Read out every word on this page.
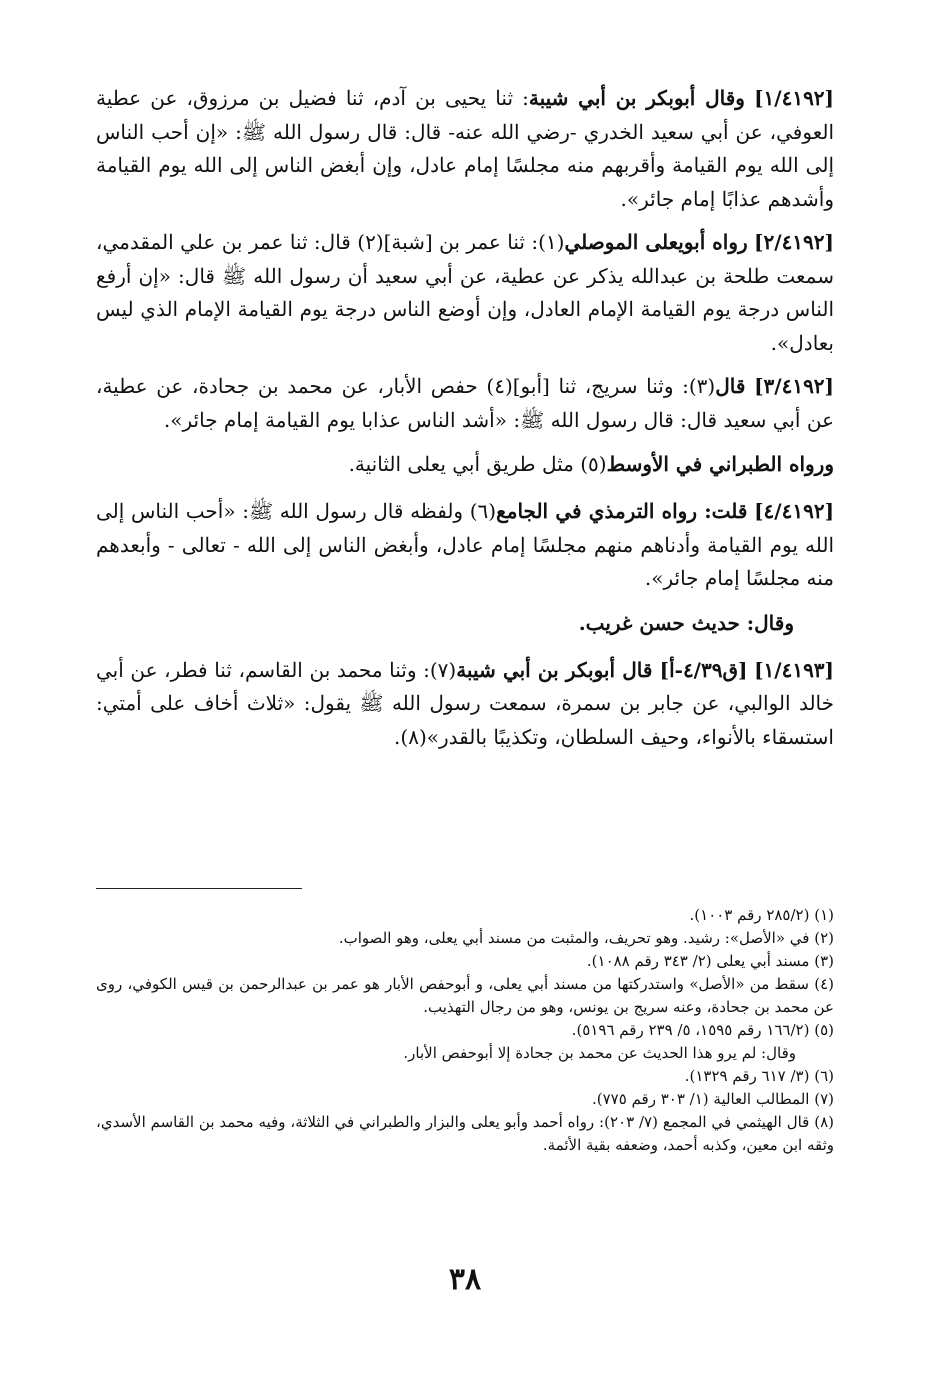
[١/٤١٩٢] وقال أبوبكر بن أبي شيبة: ثنا يحيى بن آدم، ثنا فضيل بن مرزوق، عن عطية العوفي، عن أبي سعيد الخدري -رضي الله عنه- قال: قال رسول الله ﷺ: «إن أحب الناس إلى الله يوم القيامة وأقربهم منه مجلسًا إمام عادل، وإن أبغض الناس إلى الله يوم القيامة وأشدهم عذابًا إمام جائر».

[٢/٤١٩٢] رواه أبويعلى الموصلي(١): ثنا عمر بن [شبة](٢) قال: ثنا عمر بن علي المقدمي، سمعت طلحة بن عبدالله يذكر عن عطية، عن أبي سعيد أن رسول الله ﷺ قال: «إن أرفع الناس درجة يوم القيامة الإمام العادل، وإن أوضع الناس درجة يوم القيامة الإمام الذي ليس بعادل».

[٣/٤١٩٢] قال(٣): وثنا سريج، ثنا [أبو](٤) حفص الأبار، عن محمد بن جحادة، عن عطية، عن أبي سعيد قال: قال رسول الله ﷺ: «أشد الناس عذابا يوم القيامة إمام جائر».

ورواه الطبراني في الأوسط(٥) مثل طريق أبي يعلى الثانية.

[٤/٤١٩٢] قلت: رواه الترمذي في الجامع(٦) ولفظه قال رسول الله ﷺ: «أحب الناس إلى الله يوم القيامة وأدناهم منهم مجلسًا إمام عادل، وأبغض الناس إلى الله - تعالى - وأبعدهم منه مجلسًا إمام جائر».

وقال: حديث حسن غريب.

[١/٤١٩٣] [ق٤/٣٩-أ] قال أبوبكر بن أبي شيبة(٧): وثنا محمد بن القاسم، ثنا فطر، عن أبي خالد الوالبي، عن جابر بن سمرة، سمعت رسول الله ﷺ يقول: «ثلاث أخاف على أمتي: استسقاء بالأنواء، وحيف السلطان، وتكذيبًا بالقدر»(٨).

(١) (٢٨٥/٢ رقم ١٠٠٣).

(٢) في «الأصل»: رشيد. وهو تحريف، والمثبت من مسند أبي يعلى، وهو الصواب.

(٣) مسند أبي يعلى (٢/ ٣٤٣ رقم ١٠٨٨).

(٤) سقط من «الأصل» واستدركتها من مسند أبي يعلى، و أبوحفص الأبار هو عمر بن عبدالرحمن بن قيس الكوفي، روى عن محمد بن جحادة، وعنه سريج بن يونس، وهو من رجال التهذيب.

(٥) (١٦٦/٢ رقم ١٥٩٥، ٥/ ٢٣٩ رقم ٥١٩٦).

وقال: لم يرو هذا الحديث عن محمد بن جحادة إلا أبوحفص الأبار.

(٦) (٣/ ٦١٧ رقم ١٣٢٩).

(٧) المطالب العالية (١/ ٣٠٣ رقم ٧٧٥).

(٨) قال الهيثمي في المجمع (٧/ ٢٠٣): رواه أحمد وأبو يعلى والبزار والطبراني في الثلاثة، وفيه محمد بن القاسم الأسدي، وثقه ابن معين، وكذبه أحمد، وضعفه بقية الأئمة.

٣٨
